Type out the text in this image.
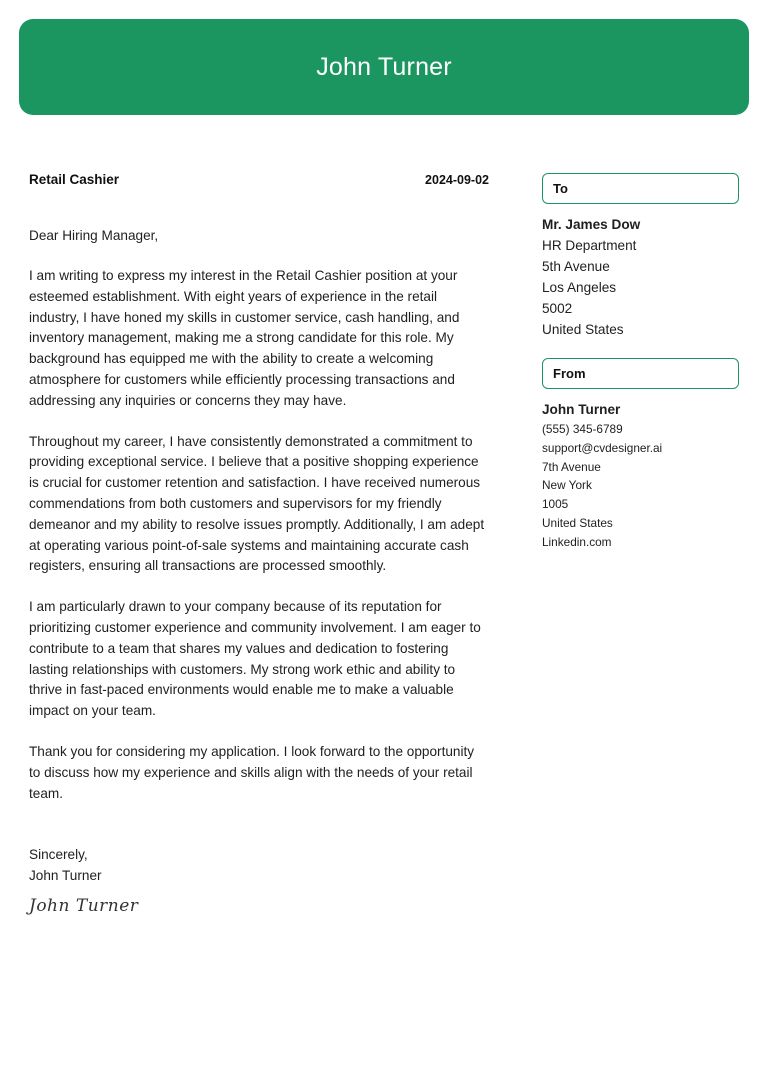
John Turner
Retail Cashier	2024-09-02
Dear Hiring Manager,
I am writing to express my interest in the Retail Cashier position at your esteemed establishment. With eight years of experience in the retail industry, I have honed my skills in customer service, cash handling, and inventory management, making me a strong candidate for this role. My background has equipped me with the ability to create a welcoming atmosphere for customers while efficiently processing transactions and addressing any inquiries or concerns they may have.
Throughout my career, I have consistently demonstrated a commitment to providing exceptional service. I believe that a positive shopping experience is crucial for customer retention and satisfaction. I have received numerous commendations from both customers and supervisors for my friendly demeanor and my ability to resolve issues promptly. Additionally, I am adept at operating various point-of-sale systems and maintaining accurate cash registers, ensuring all transactions are processed smoothly.
I am particularly drawn to your company because of its reputation for prioritizing customer experience and community involvement. I am eager to contribute to a team that shares my values and dedication to fostering lasting relationships with customers. My strong work ethic and ability to thrive in fast-paced environments would enable me to make a valuable impact on your team.
Thank you for considering my application. I look forward to the opportunity to discuss how my experience and skills align with the needs of your retail team.
Sincerely,
John Turner
John Turner
To
Mr. James Dow
HR Department
5th Avenue
Los Angeles
5002
United States
From
John Turner
(555) 345-6789
support@cvdesigner.ai
7th Avenue
New York
1005
United States
Linkedin.com
